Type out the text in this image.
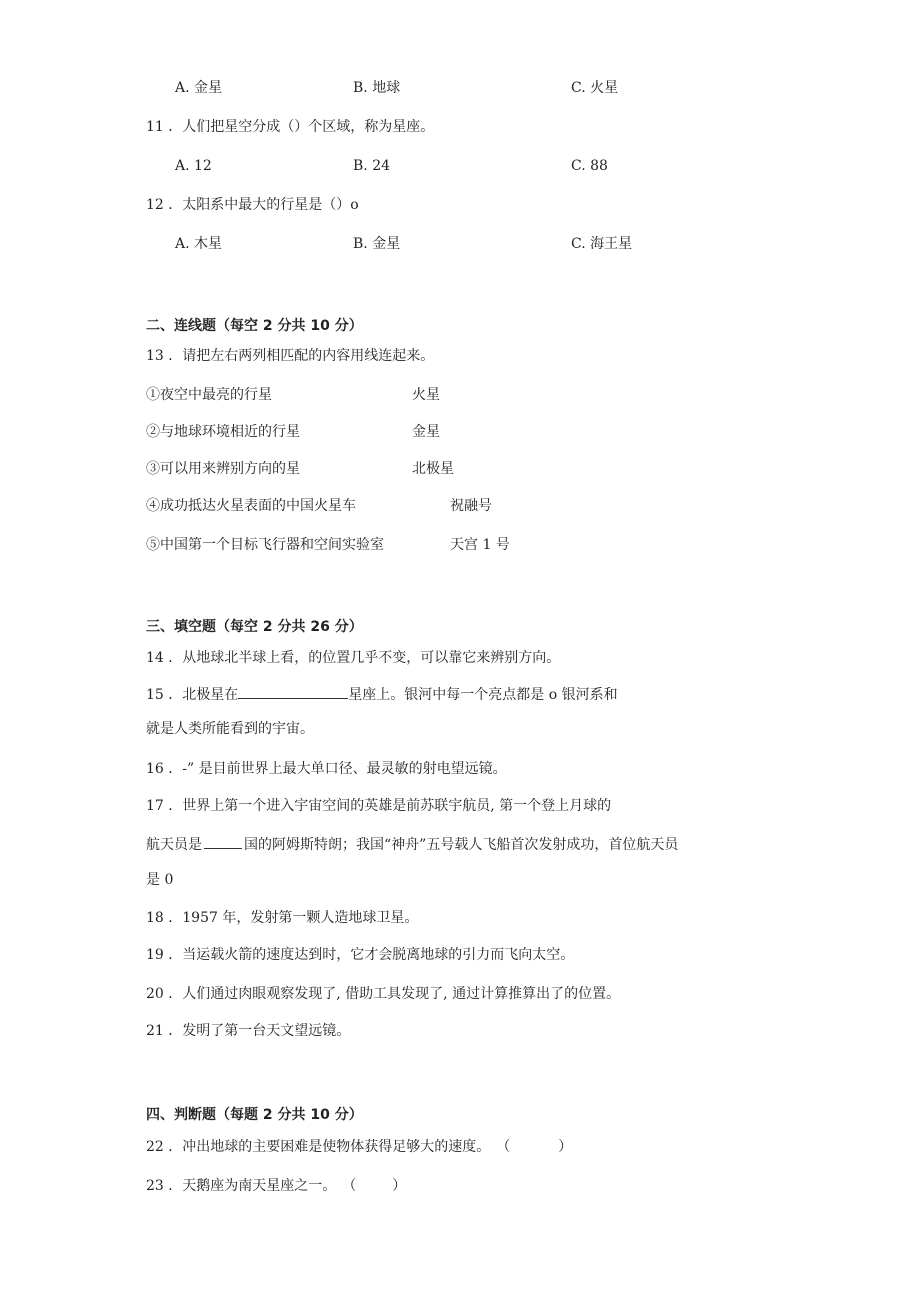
A. 金星	B. 地球	C. 火星
11 ．人们把星空分成（）个区域，称为星座。
A. 12	B. 24	C. 88
12 ．太阳系中最大的行星是（）o
A. 木星	B. 金星	C. 海王星
二、连线题（每空 2 分共 10 分）
13 ．请把左右两列相匹配的内容用线连起来。
①夜空中最亮的行星	火星
②与地球环境相近的行星	金星
③可以用来辨别方向的星	北极星
④成功抵达火星表面的中国火星车	祝融号
⑤中国第一个目标飞行器和空间实验室	天宫 1 号
三、填空题（每空 2 分共 26 分）
14 ．从地球北半球上看，的位置几乎不变，可以靠它来辨别方向。
15 ．北极星在	星座上。银河中每一个亮点都是 o 银河系和
就是人类所能看到的宇宙。
16 ．-” 是目前世界上最大单口径、最灵敏的射电望远镜。
17 ．世界上第一个进入宇宙空间的英雄是前苏联宇航员, 第一个登上月球的
航天员是	国的阿姆斯特朗；我国“神舟”五号载人飞船首次发射成功，首位航天员
是 0
18 ．1957 年，发射第一颗人造地球卫星。
19 ．当运载火箭的速度达到时，它才会脱离地球的引力而飞向太空。
20 ．人们通过肉眼观察发现了, 借助工具发现了, 通过计算推算出了的位置。
21 ．发明了第一台天文望远镜。
四、判断题（每题 2 分共 10 分）
22 ．冲出地球的主要困难是使物体获得足够大的速度。 （	）
23 ．天鹅座为南天星座之一。 （	）
